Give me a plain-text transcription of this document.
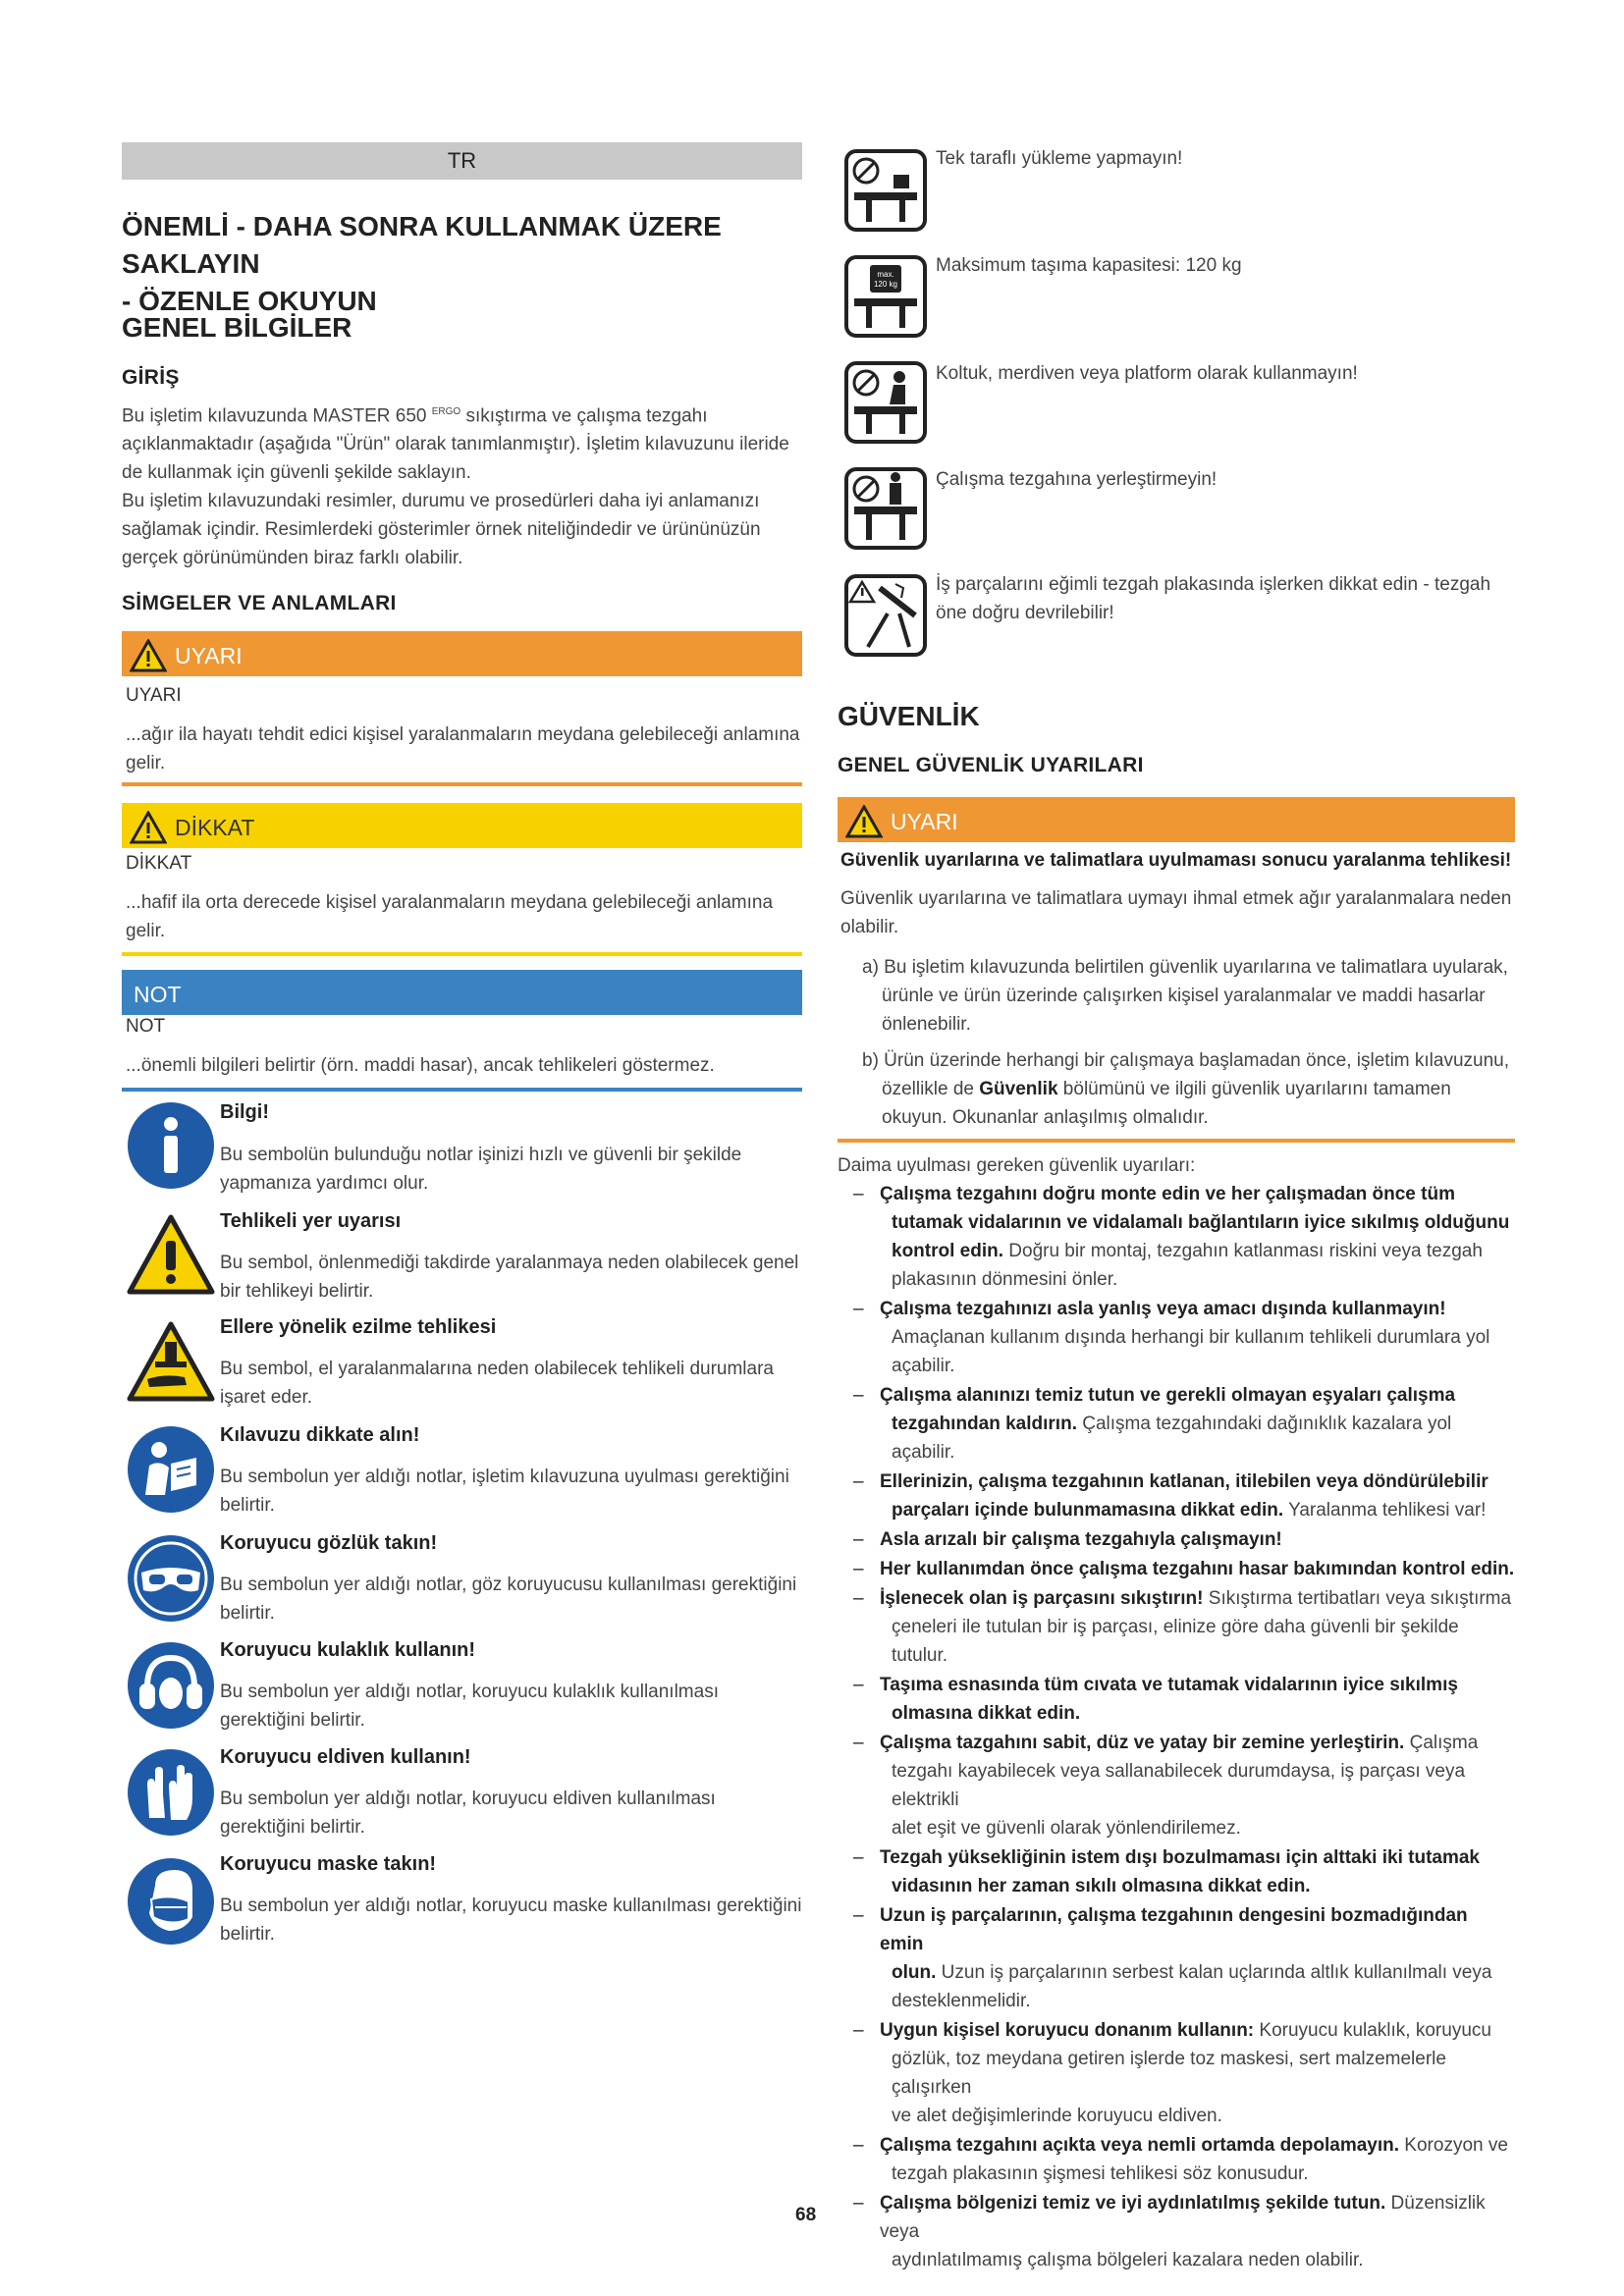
TR
ÖNEMLİ - DAHA SONRA KULLANMAK ÜZERE SAKLAYIN
- ÖZENLE OKUYUN
GENEL BİLGİLER
GİRİŞ
Bu işletim kılavuzunda MASTER 650 $^{ERGO}$ sıkıştırma ve çalışma tezgahı
açıklanmaktadır (aşağıda "Ürün" olarak tanımlanmıştır). İşletim kılavuzunu ileride
de kullanmak için güvenli şekilde saklayın.
Bu işletim kılavuzundaki resimler, durumu ve prosedürleri daha iyi anlamanızı
sağlamak içindir. Resimlerdeki gösterimler örnek niteliğindedir ve ürününüzün
gerçek görünümünden biraz farklı olabilir.
SİMGELER VE ANLAMLARI
UYARI
UYARI
...ağır ila hayatı tehdit edici kişisel yaralanmaların meydana gelebileceği anlamına
gelir.
DİKKAT
DİKKAT
...hafif ila orta derecede kişisel yaralanmaların meydana gelebileceği anlamına
gelir.
NOT
NOT
...önemli bilgileri belirtir (örn. maddi hasar), ancak tehlikeleri göstermez.
Bilgi!
Bu sembolün bulunduğu notlar işinizi hızlı ve güvenli bir şekilde
yapmanıza yardımcı olur.
Tehlikeli yer uyarısı
Bu sembol, önlenmediği takdirde yaralanmaya neden olabilecek genel
bir tehlikeyi belirtir.
Ellere yönelik ezilme tehlikesi
Bu sembol, el yaralanmalarına neden olabilecek tehlikeli durumlara
işaret eder.
Kılavuzu dikkate alın!
Bu sembolun yer aldığı notlar, işletim kılavuzuna uyulması gerektiğini
belirtir.
Koruyucu gözlük takın!
Bu sembolun yer aldığı notlar, göz koruyucusu kullanılması gerektiğini
belirtir.
Koruyucu kulaklık kullanın!
Bu sembolun yer aldığı notlar, koruyucu kulaklık kullanılması
gerektiğini belirtir.
Koruyucu eldiven kullanın!
Bu sembolun yer aldığı notlar, koruyucu eldiven kullanılması
gerektiğini belirtir.
Koruyucu maske takın!
Bu sembolun yer aldığı notlar, koruyucu maske kullanılması gerektiğini
belirtir.
Tek taraflı yükleme yapmayın!
max.
120 kg
Maksimum taşıma kapasitesi: 120 kg
Koltuk, merdiven veya platform olarak kullanmayın!
Çalışma tezgahına yerleştirmeyin!
İş parçalarını eğimli tezgah plakasında işlerken dikkat edin - tezgah
öne doğru devrilebilir!
GÜVENLİK
GENEL GÜVENLİK UYARILARI
UYARI
Güvenlik uyarılarına ve talimatlara uyulmaması sonucu yaralanma tehlikesi!
Güvenlik uyarılarına ve talimatlara uymayı ihmal etmek ağır yaralanmalara neden
olabilir.
a) Bu işletim kılavuzunda belirtilen güvenlik uyarılarına ve talimatlara uyularak,
ürünle ve ürün üzerinde çalışırken kişisel yaralanmalar ve maddi hasarlar
önlenebilir.
b) Ürün üzerinde herhangi bir çalışmaya başlamadan önce, işletim kılavuzunu,
özellikle de Güvenlik bölümünü ve ilgili güvenlik uyarılarını tamamen
okuyun. Okunanlar anlaşılmış olmalıdır.
Daima uyulması gereken güvenlik uyarıları:
– Çalışma tezgahını doğru monte edin ve her çalışmadan önce tüm
tutamak vidalarının ve vidalamalı bağlantıların iyice sıkılmış olduğunu
kontrol edin. Doğru bir montaj, tezgahın katlanması riskini veya tezgah
plakasının dönmesini önler.
– Çalışma tezgahınızı asla yanlış veya amacı dışında kullanmayın!
Amaçlanan kullanım dışında herhangi bir kullanım tehlikeli durumlara yol
açabilir.
– Çalışma alanınızı temiz tutun ve gerekli olmayan eşyaları çalışma
tezgahından kaldırın. Çalışma tezgahındaki dağınıklık kazalara yol açabilir.
– Ellerinizin, çalışma tezgahının katlanan, itilebilen veya döndürülebilir
parçaları içinde bulunmamasına dikkat edin. Yaralanma tehlikesi var!
– Asla arızalı bir çalışma tezgahıyla çalışmayın!
– Her kullanımdan önce çalışma tezgahını hasar bakımından kontrol edin.
– İşlenecek olan iş parçasını sıkıştırın! Sıkıştırma tertibatları veya sıkıştırma
çeneleri ile tutulan bir iş parçası, elinize göre daha güvenli bir şekilde tutulur.
– Taşıma esnasında tüm cıvata ve tutamak vidalarının iyice sıkılmış
olmasına dikkat edin.
– Çalışma tazgahını sabit, düz ve yatay bir zemine yerleştirin. Çalışma
tezgahı kayabilecek veya sallanabilecek durumdaysa, iş parçası veya elektrikli
alet eşit ve güvenli olarak yönlendirilemez.
– Tezgah yüksekliğinin istem dışı bozulmaması için alttaki iki tutamak
vidasının her zaman sıkılı olmasına dikkat edin.
– Uzun iş parçalarının, çalışma tezgahının dengesini bozmadığından emin
olun. Uzun iş parçalarının serbest kalan uçlarında altlık kullanılmalı veya
desteklenmelidir.
– Uygun kişisel koruyucu donanım kullanın: Koruyucu kulaklık, koruyucu
gözlük, toz meydana getiren işlerde toz maskesi, sert malzemelerle çalışırken
ve alet değişimlerinde koruyucu eldiven.
– Çalışma tezgahını açıkta veya nemli ortamda depolamayın. Korozyon ve
tezgah plakasının şişmesi tehlikesi söz konusudur.
– Çalışma bölgenizi temiz ve iyi aydınlatılmış şekilde tutun. Düzensizlik veya
aydınlatılmamış çalışma bölgeleri kazalara neden olabilir.
68
